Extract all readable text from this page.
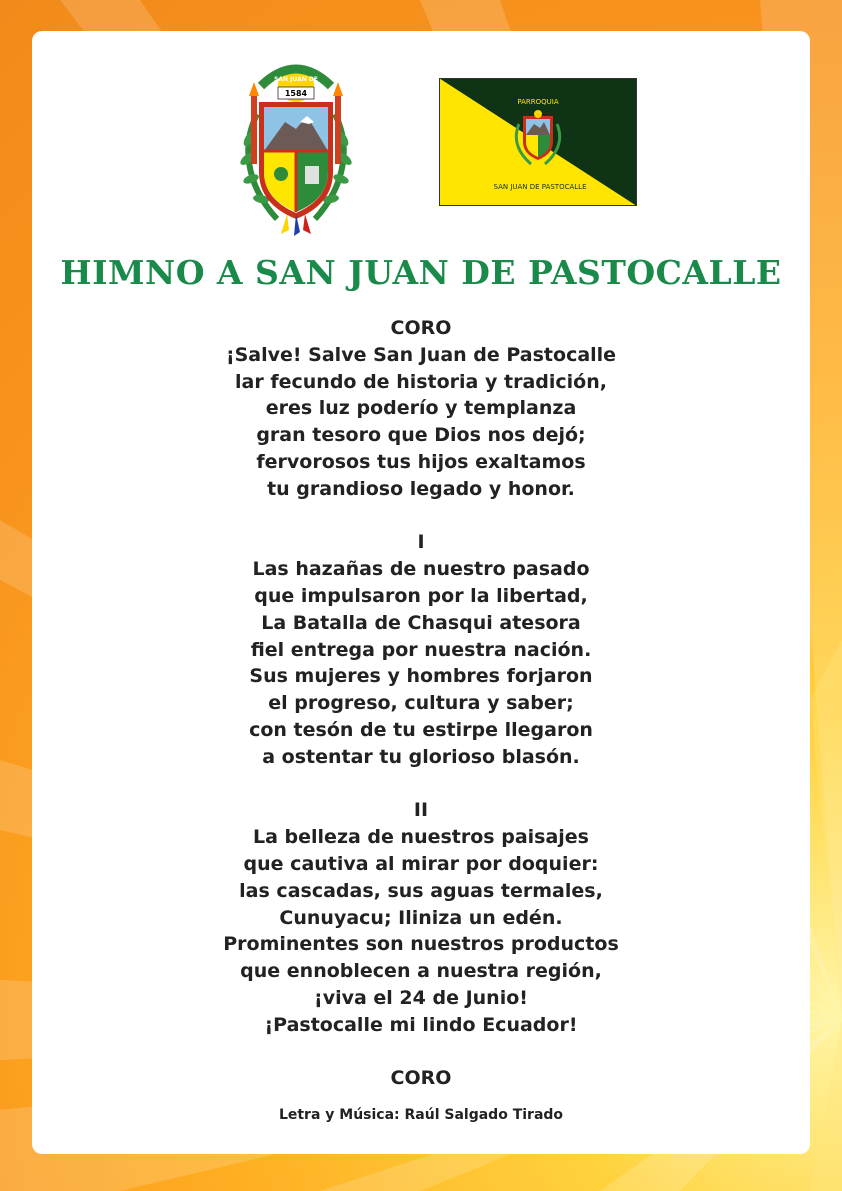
SAN JUAN DE
1584
PARROQUIA
SAN JUAN DE PASTOCALLE
HIMNO A SAN JUAN DE PASTOCALLE
CORO
¡Salve! Salve San Juan de Pastocalle
lar fecundo de historia y tradición,
eres luz poderío y templanza
gran tesoro que Dios nos dejó;
fervorosos tus hijos exaltamos
tu grandioso legado y honor.
I
Las hazañas de nuestro pasado
que impulsaron por la libertad,
La Batalla de Chasqui atesora
fiel entrega por nuestra nación.
Sus mujeres y hombres forjaron
el progreso, cultura y saber;
con tesón de tu estirpe llegaron
a ostentar tu glorioso blasón.
II
La belleza de nuestros paisajes
que cautiva al mirar por doquier:
las cascadas, sus aguas termales,
Cunuyacu; Iliniza un edén.
Prominentes son nuestros productos
que ennoblecen a nuestra región,
¡viva el 24 de Junio!
¡Pastocalle mi lindo Ecuador!
CORO
Letra y Música: Raúl Salgado Tirado
